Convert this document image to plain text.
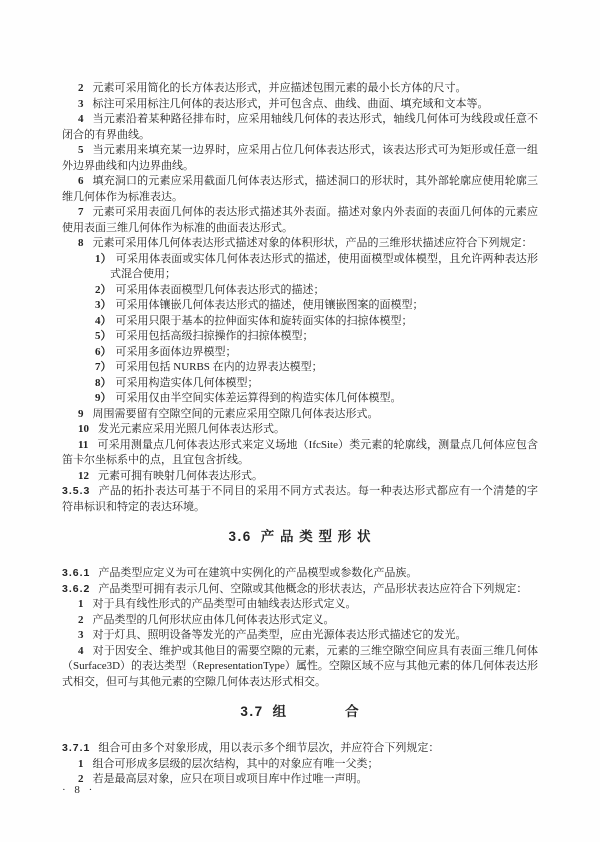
2 元素可采用简化的长方体表达形式，并应描述包围元素的最小长方体的尺寸。
3 标注可采用标注几何体的表达形式，并可包含点、曲线、曲面、填充域和文本等。
4 当元素沿着某种路径排布时，应采用轴线几何体的表达形式，轴线几何体可为线段或任意不闭合的有界曲线。
5 当元素用来填充某一边界时，应采用占位几何体表达形式，该表达形式可为矩形或任意一组外边界曲线和内边界曲线。
6 填充洞口的元素应采用截面几何体表达形式，描述洞口的形状时，其外部轮廓应使用轮廓三维几何体作为标准表达。
7 元素可采用表面几何体的表达形式描述其外表面。描述对象内外表面的表面几何体的元素应使用表面三维几何体作为标准的曲面表达形式。
8 元素可采用体几何体表达形式描述对象的体积形状，产品的三维形状描述应符合下列规定：
1） 可采用体表面或实体几何体表达形式的描述，使用面模型或体模型，且允许两种表达形式混合使用；
2） 可采用体表面模型几何体表达形式的描述；
3） 可采用体镶嵌几何体表达形式的描述，使用镶嵌图案的面模型；
4） 可采用只限于基本的拉伸面实体和旋转面实体的扫掠体模型；
5） 可采用包括高级扫掠操作的扫掠体模型；
6） 可采用多面体边界模型；
7） 可采用包括 NURBS 在内的边界表达模型；
8） 可采用构造实体几何体模型；
9） 可采用仅由半空间实体差运算得到的构造实体几何体模型。
9 周围需要留有空隙空间的元素应采用空隙几何体表达形式。
10 发光元素应采用光照几何体表达形式。
11 可采用测量点几何体表达形式来定义场地（IfcSite）类元素的轮廓线，测量点几何体应包含笛卡尔坐标系中的点，且宜包含折线。
12 元素可拥有映射几何体表达形式。
3.5.3 产品的拓扑表达可基于不同目的采用不同方式表达。每一种表达形式都应有一个清楚的字符串标识和特定的表达环境。
3.6 产 品 类 型 形 状
3.6.1 产品类型应定义为可在建筑中实例化的产品模型或参数化产品族。
3.6.2 产品类型可拥有表示几何、空隙或其他概念的形状表达，产品形状表达应符合下列规定：
1 对于具有线性形式的产品类型可由轴线表达形式定义。
2 产品类型的几何形状应由体几何体表达形式定义。
3 对于灯具、照明设备等发光的产品类型，应由光源体表达形式描述它的发光。
4 对于因安全、维护或其他目的需要空隙的元素，元素的三维空隙空间应具有表面三维几何体（Surface3D）的表达类型（RepresentationType）属性。空隙区域不应与其他元素的体几何体表达形式相交，但可与其他元素的空隙几何体表达形式相交。
3.7 组　　　　合
3.7.1 组合可由多个对象形成，用以表示多个细节层次，并应符合下列规定：
1 组合可形成多层级的层次结构，其中的对象应有唯一父类；
2 若是最高层对象，应只在项目或项目库中作过唯一声明。
· 8 ·
